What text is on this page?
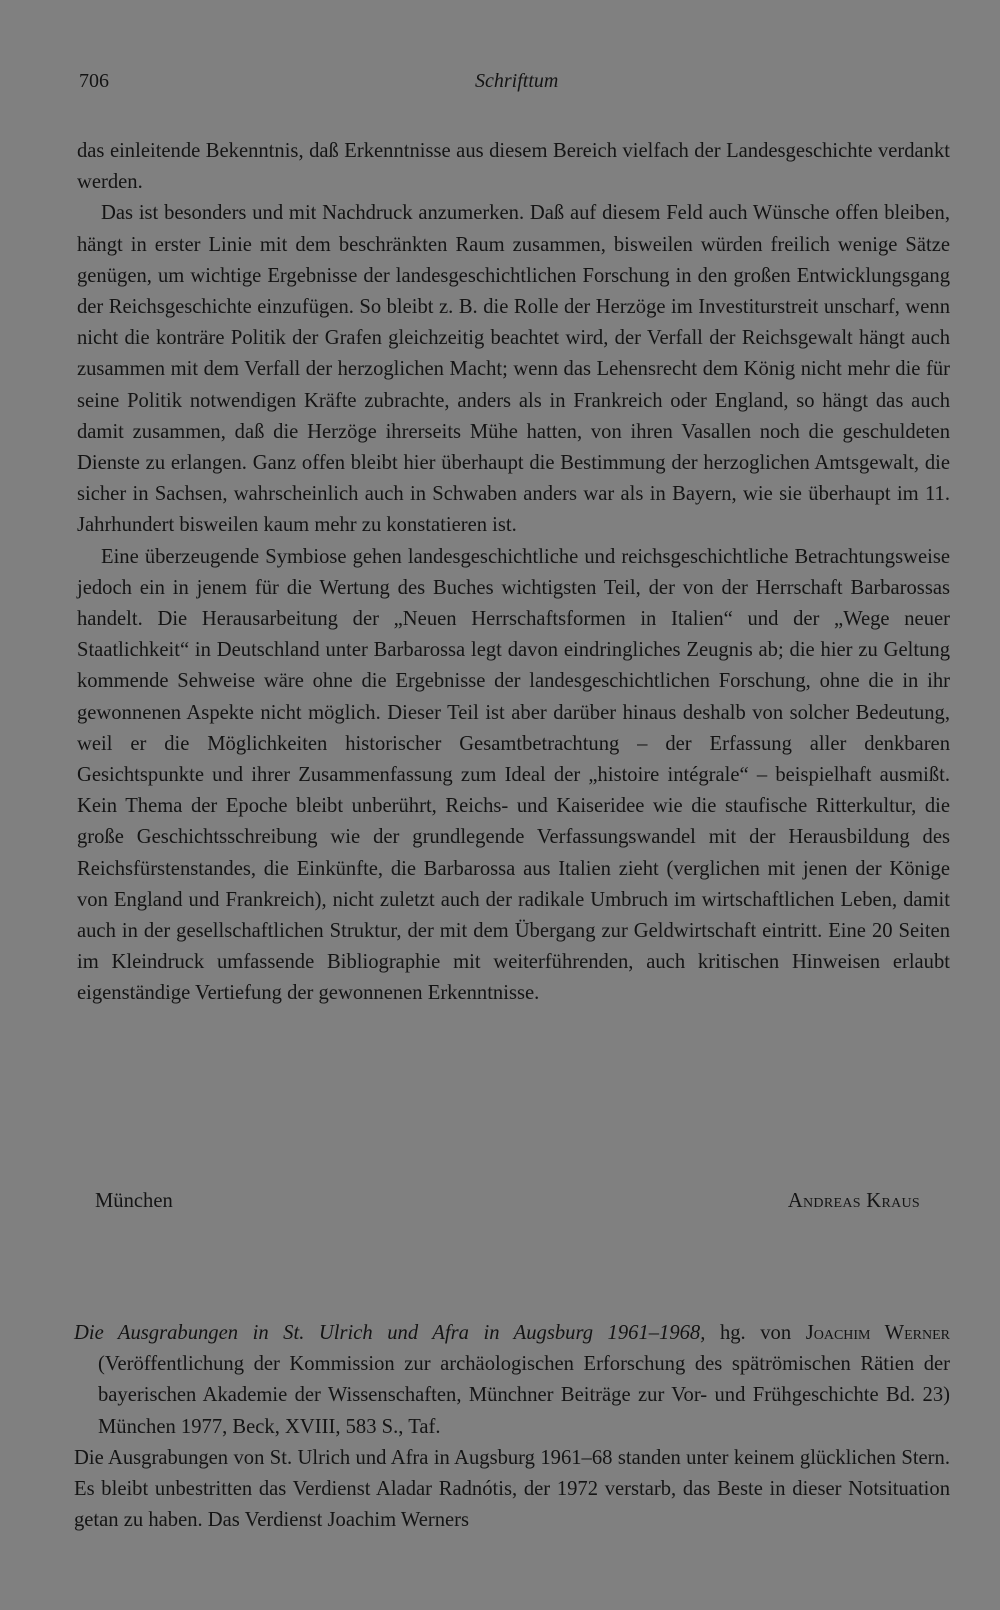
706	Schrifttum

das einleitende Bekenntnis, daß Erkenntnisse aus diesem Bereich vielfach der Landesgeschichte verdankt werden.

Das ist besonders und mit Nachdruck anzumerken. Daß auf diesem Feld auch Wünsche offen bleiben, hängt in erster Linie mit dem beschränkten Raum zusammen, bisweilen würden freilich wenige Sätze genügen, um wichtige Ergebnisse der landesgeschichtlichen Forschung in den großen Entwicklungsgang der Reichsgeschichte einzufügen. So bleibt z. B. die Rolle der Herzöge im Investiturstreit unscharf, wenn nicht die konträre Politik der Grafen gleichzeitig beachtet wird, der Verfall der Reichsgewalt hängt auch zusammen mit dem Verfall der herzoglichen Macht; wenn das Lehensrecht dem König nicht mehr die für seine Politik notwendigen Kräfte zubrachte, anders als in Frankreich oder England, so hängt das auch damit zusammen, daß die Herzöge ihrerseits Mühe hatten, von ihren Vasallen noch die geschuldeten Dienste zu erlangen. Ganz offen bleibt hier überhaupt die Bestimmung der herzoglichen Amtsgewalt, die sicher in Sachsen, wahrscheinlich auch in Schwaben anders war als in Bayern, wie sie überhaupt im 11. Jahrhundert bisweilen kaum mehr zu konstatieren ist.

Eine überzeugende Symbiose gehen landesgeschichtliche und reichsgeschichtliche Betrachtungsweise jedoch ein in jenem für die Wertung des Buches wichtigsten Teil, der von der Herrschaft Barbarossas handelt. Die Herausarbeitung der „Neuen Herrschaftsformen in Italien“ und der „Wege neuer Staatlichkeit“ in Deutschland unter Barbarossa legt davon eindringliches Zeugnis ab; die hier zu Geltung kommende Sehweise wäre ohne die Ergebnisse der landesgeschichtlichen Forschung, ohne die in ihr gewonnenen Aspekte nicht möglich. Dieser Teil ist aber darüber hinaus deshalb von solcher Bedeutung, weil er die Möglichkeiten historischer Gesamtbetrachtung – der Erfassung aller denkbaren Gesichtspunkte und ihrer Zusammenfassung zum Ideal der „histoire intégrale“ – beispielhaft ausmißt. Kein Thema der Epoche bleibt unberührt, Reichs- und Kaiseridee wie die staufische Ritterkultur, die große Geschichtsschreibung wie der grundlegende Verfassungswandel mit der Herausbildung des Reichsfürstenstandes, die Einkünfte, die Barbarossa aus Italien zieht (verglichen mit jenen der Könige von England und Frankreich), nicht zuletzt auch der radikale Umbruch im wirtschaftlichen Leben, damit auch in der gesellschaftlichen Struktur, der mit dem Übergang zur Geldwirtschaft eintritt. Eine 20 Seiten im Kleindruck umfassende Bibliographie mit weiterführenden, auch kritischen Hinweisen erlaubt eigenständige Vertiefung der gewonnenen Erkenntnisse.

München	Andreas Kraus

Die Ausgrabungen in St. Ulrich und Afra in Augsburg 1961–1968, hg. von Joachim Werner (Veröffentlichung der Kommission zur archäologischen Erforschung des spätrömischen Rätien der bayerischen Akademie der Wissenschaften, Münchner Beiträge zur Vor- und Frühgeschichte Bd. 23) München 1977, Beck, XVIII, 583 S., Taf.

Die Ausgrabungen von St. Ulrich und Afra in Augsburg 1961–68 standen unter keinem glücklichen Stern. Es bleibt unbestritten das Verdienst Aladar Radnótis, der 1972 verstarb, das Beste in dieser Notsituation getan zu haben. Das Verdienst Joachim Werners
